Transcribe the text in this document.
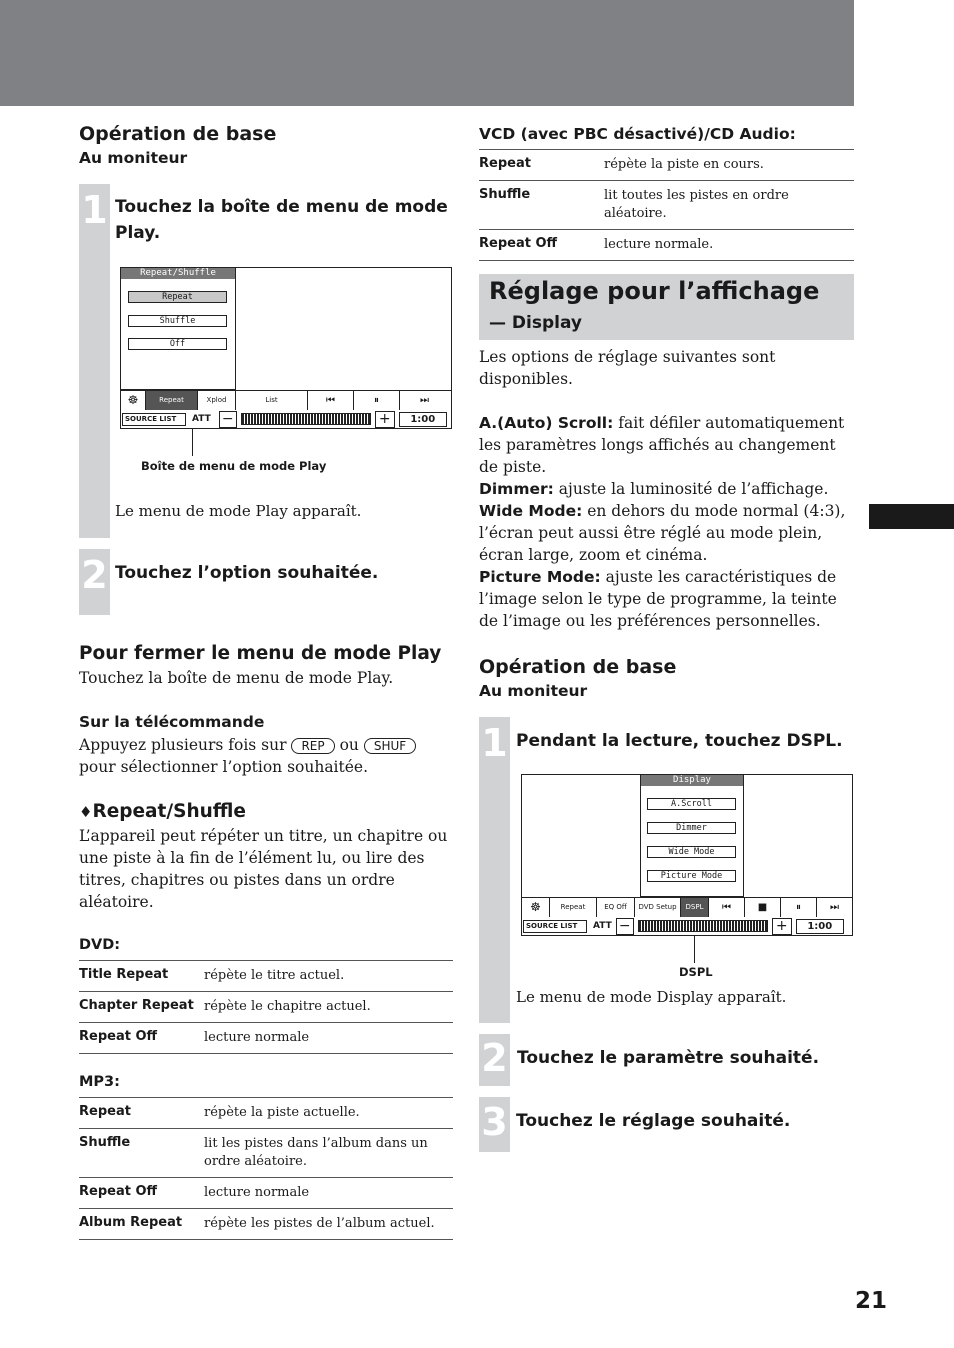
21
Opération de base
Au moniteur
1 Touchez la boîte de menu de mode Play.
Repeat/Shuffle
Repeat
Shuffle
Off
☸	Repeat	Xplod	List	⏮	⏸	⏭
SOURCE LIST	ATT −	+	1:00
Boîte de menu de mode Play
Le menu de mode Play apparaît.
2 Touchez l’option souhaitée.
Pour fermer le menu de mode Play
Touchez la boîte de menu de mode Play.
Sur la télécommande
Appuyez plusieurs fois sur REP ou SHUF
pour sélectionner l’option souhaitée.
♦Repeat/Shuffle
L’appareil peut répéter un titre, un chapitre ou une piste à la fin de l’élément lu, ou lire des titres, chapitres ou pistes dans un ordre aléatoire.
DVD:
Title Repeat	répète le titre actuel.
Chapter Repeat	répète le chapitre actuel.
Repeat Off	lecture normale
MP3:
Repeat	répète la piste actuelle.
Shuffle	lit les pistes dans l’album dans un ordre aléatoire.
Repeat Off	lecture normale
Album Repeat	répète les pistes de l’album actuel.
VCD (avec PBC désactivé)/CD Audio:
Repeat	répète la piste en cours.
Shuffle	lit toutes les pistes en ordre aléatoire.
Repeat Off	lecture normale.
Réglage pour l’affichage
— Display
Les options de réglage suivantes sont disponibles.
A.(Auto) Scroll: fait défiler automatiquement les paramètres longs affichés au changement de piste.
Dimmer: ajuste la luminosité de l’affichage.
Wide Mode: en dehors du mode normal (4:3), l’écran peut aussi être réglé au mode plein, écran large, zoom et cinéma.
Picture Mode: ajuste les caractéristiques de l’image selon le type de programme, la teinte de l’image ou les préférences personnelles.
Opération de base
Au moniteur
1 Pendant la lecture, touchez DSPL.
Display
A.Scroll
Dimmer
Wide Mode
Picture Mode
☸	Repeat	EQ Off	DVD Setup	DSPL	⏮	■	⏸	⏭
SOURCE LIST	ATT −	+	1:00
DSPL
Le menu de mode Display apparaît.
2 Touchez le paramètre souhaité.
3 Touchez le réglage souhaité.
